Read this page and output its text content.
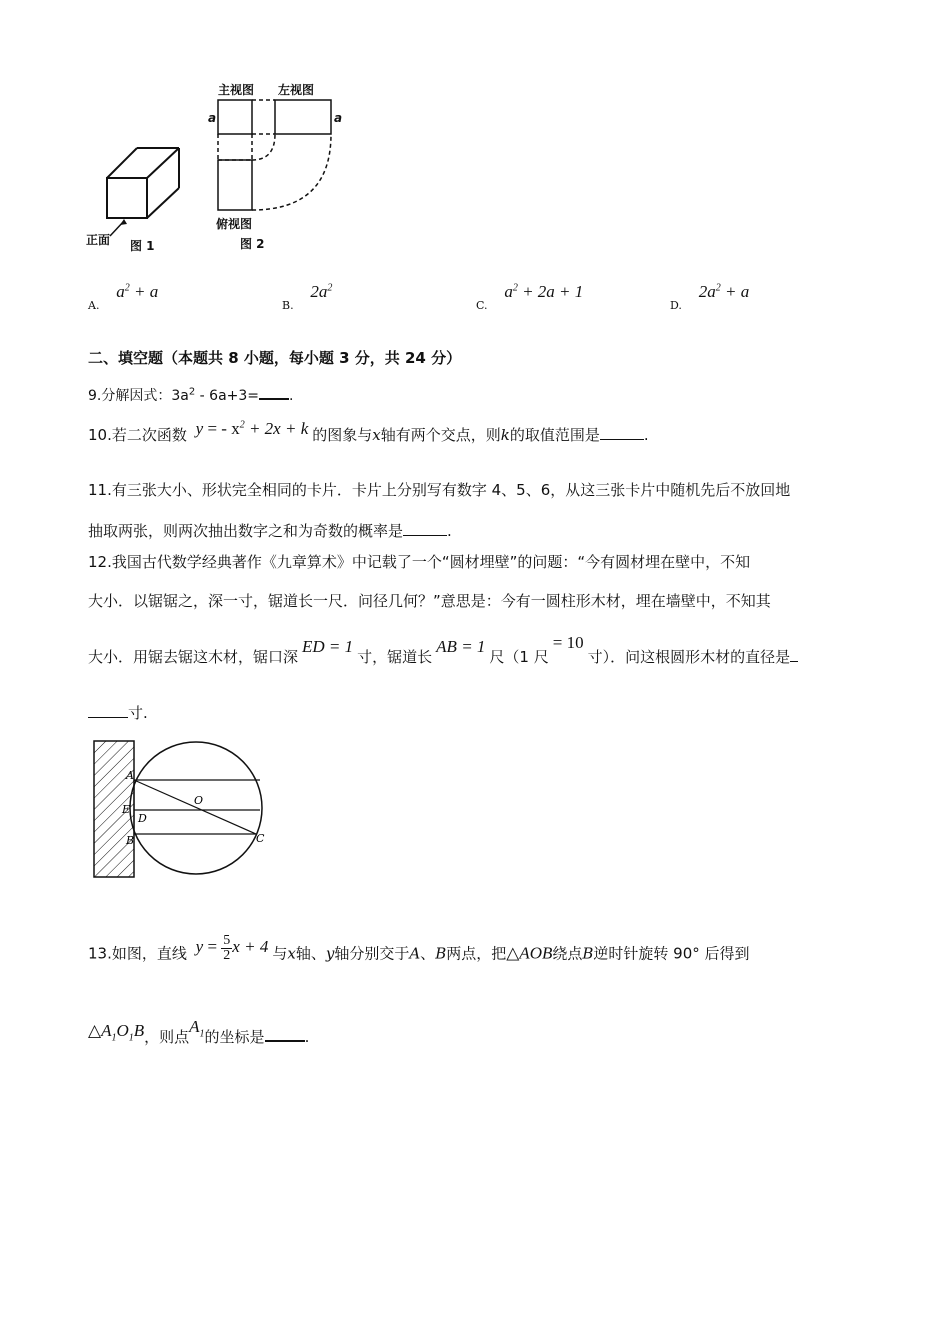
正面 图 1
主视图 左视图
a	a
俯视图
图 2
A. $a^2 + a$
B. $2a^2$
C. $a^2 + 2a + 1$
D. $2a^2 + a$
二、填空题（本题共 8 小题，每小题 3 分，共 24 分）
9.分解因式：$3a^2 - 6a+3=$ .
10.若二次函数 y = - $x^2 + 2x + k$ 的图象与x轴有两个交点，则k的取值范围是	.
11.有三张大小、形状完全相同的卡片．卡片上分别写有数字 4、5、6，从这三张卡片中随机先后不放回地
抽取两张，则两次抽出数字之和为奇数的概率是	.
12.我国古代数学经典著作《九章算术》中记载了一个“圆材埋壁”的问题：“今有圆材埋在壁中，不知
大小．以锯锯之，深一寸，锯道长一尺．问径几何？”意思是：今有一圆柱形木材，埋在墙壁中，不知其
大小．用锯去锯这木材，锯口深ED = 1寸，锯道长AB = 1尺（1 尺= 10寸）．问这根圆形木材的直径是
寸.
A
E
D
B
O
C
13.如图，直线 $y = \frac{5}{2}$ x + 4 与x轴、y轴分别交于A、B两点，把△AOB绕点B逆时针旋转 90° 后得到
$\triangle A_1O_1B$，则点$A_1$的坐标是	.
